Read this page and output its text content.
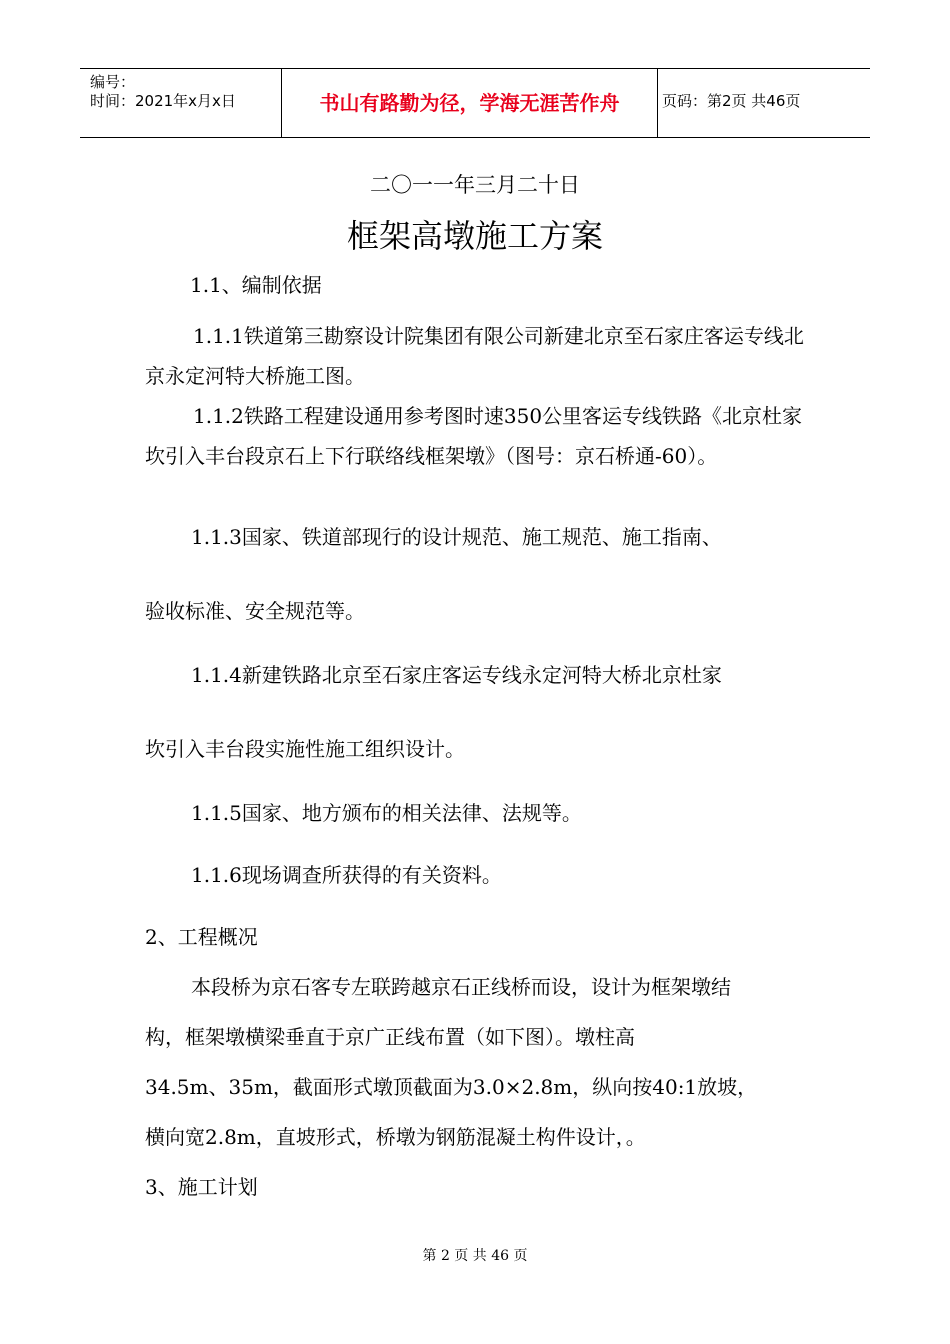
编号：
时间：2021年x月x日	书山有路勤为径，学海无涯苦作舟	页码：第2页 共46页
二〇一一年三月二十日
框架高墩施工方案
1.1、编制依据
1.1.1铁道第三勘察设计院集团有限公司新建北京至石家庄客运专线北京永定河特大桥施工图。
1.1.2铁路工程建设通用参考图时速350公里客运专线铁路《北京杜家坎引入丰台段京石上下行联络线框架墩》（图号：京石桥通-60）。
1.1.3国家、铁道部现行的设计规范、施工规范、施工指南、
验收标准、安全规范等。
1.1.4新建铁路北京至石家庄客运专线永定河特大桥北京杜家
坎引入丰台段实施性施工组织设计。
1.1.5国家、地方颁布的相关法律、法规等。
1.1.6现场调查所获得的有关资料。
2、工程概况
本段桥为京石客专左联跨越京石正线桥而设，设计为框架墩结
构，框架墩横梁垂直于京广正线布置（如下图）。墩柱高
34.5m、35m，截面形式墩顶截面为3.0×2.8m，纵向按40:1放坡，
横向宽2.8m，直坡形式，桥墩为钢筋混凝土构件设计，。
3、施工计划
第 2 页 共 46 页
